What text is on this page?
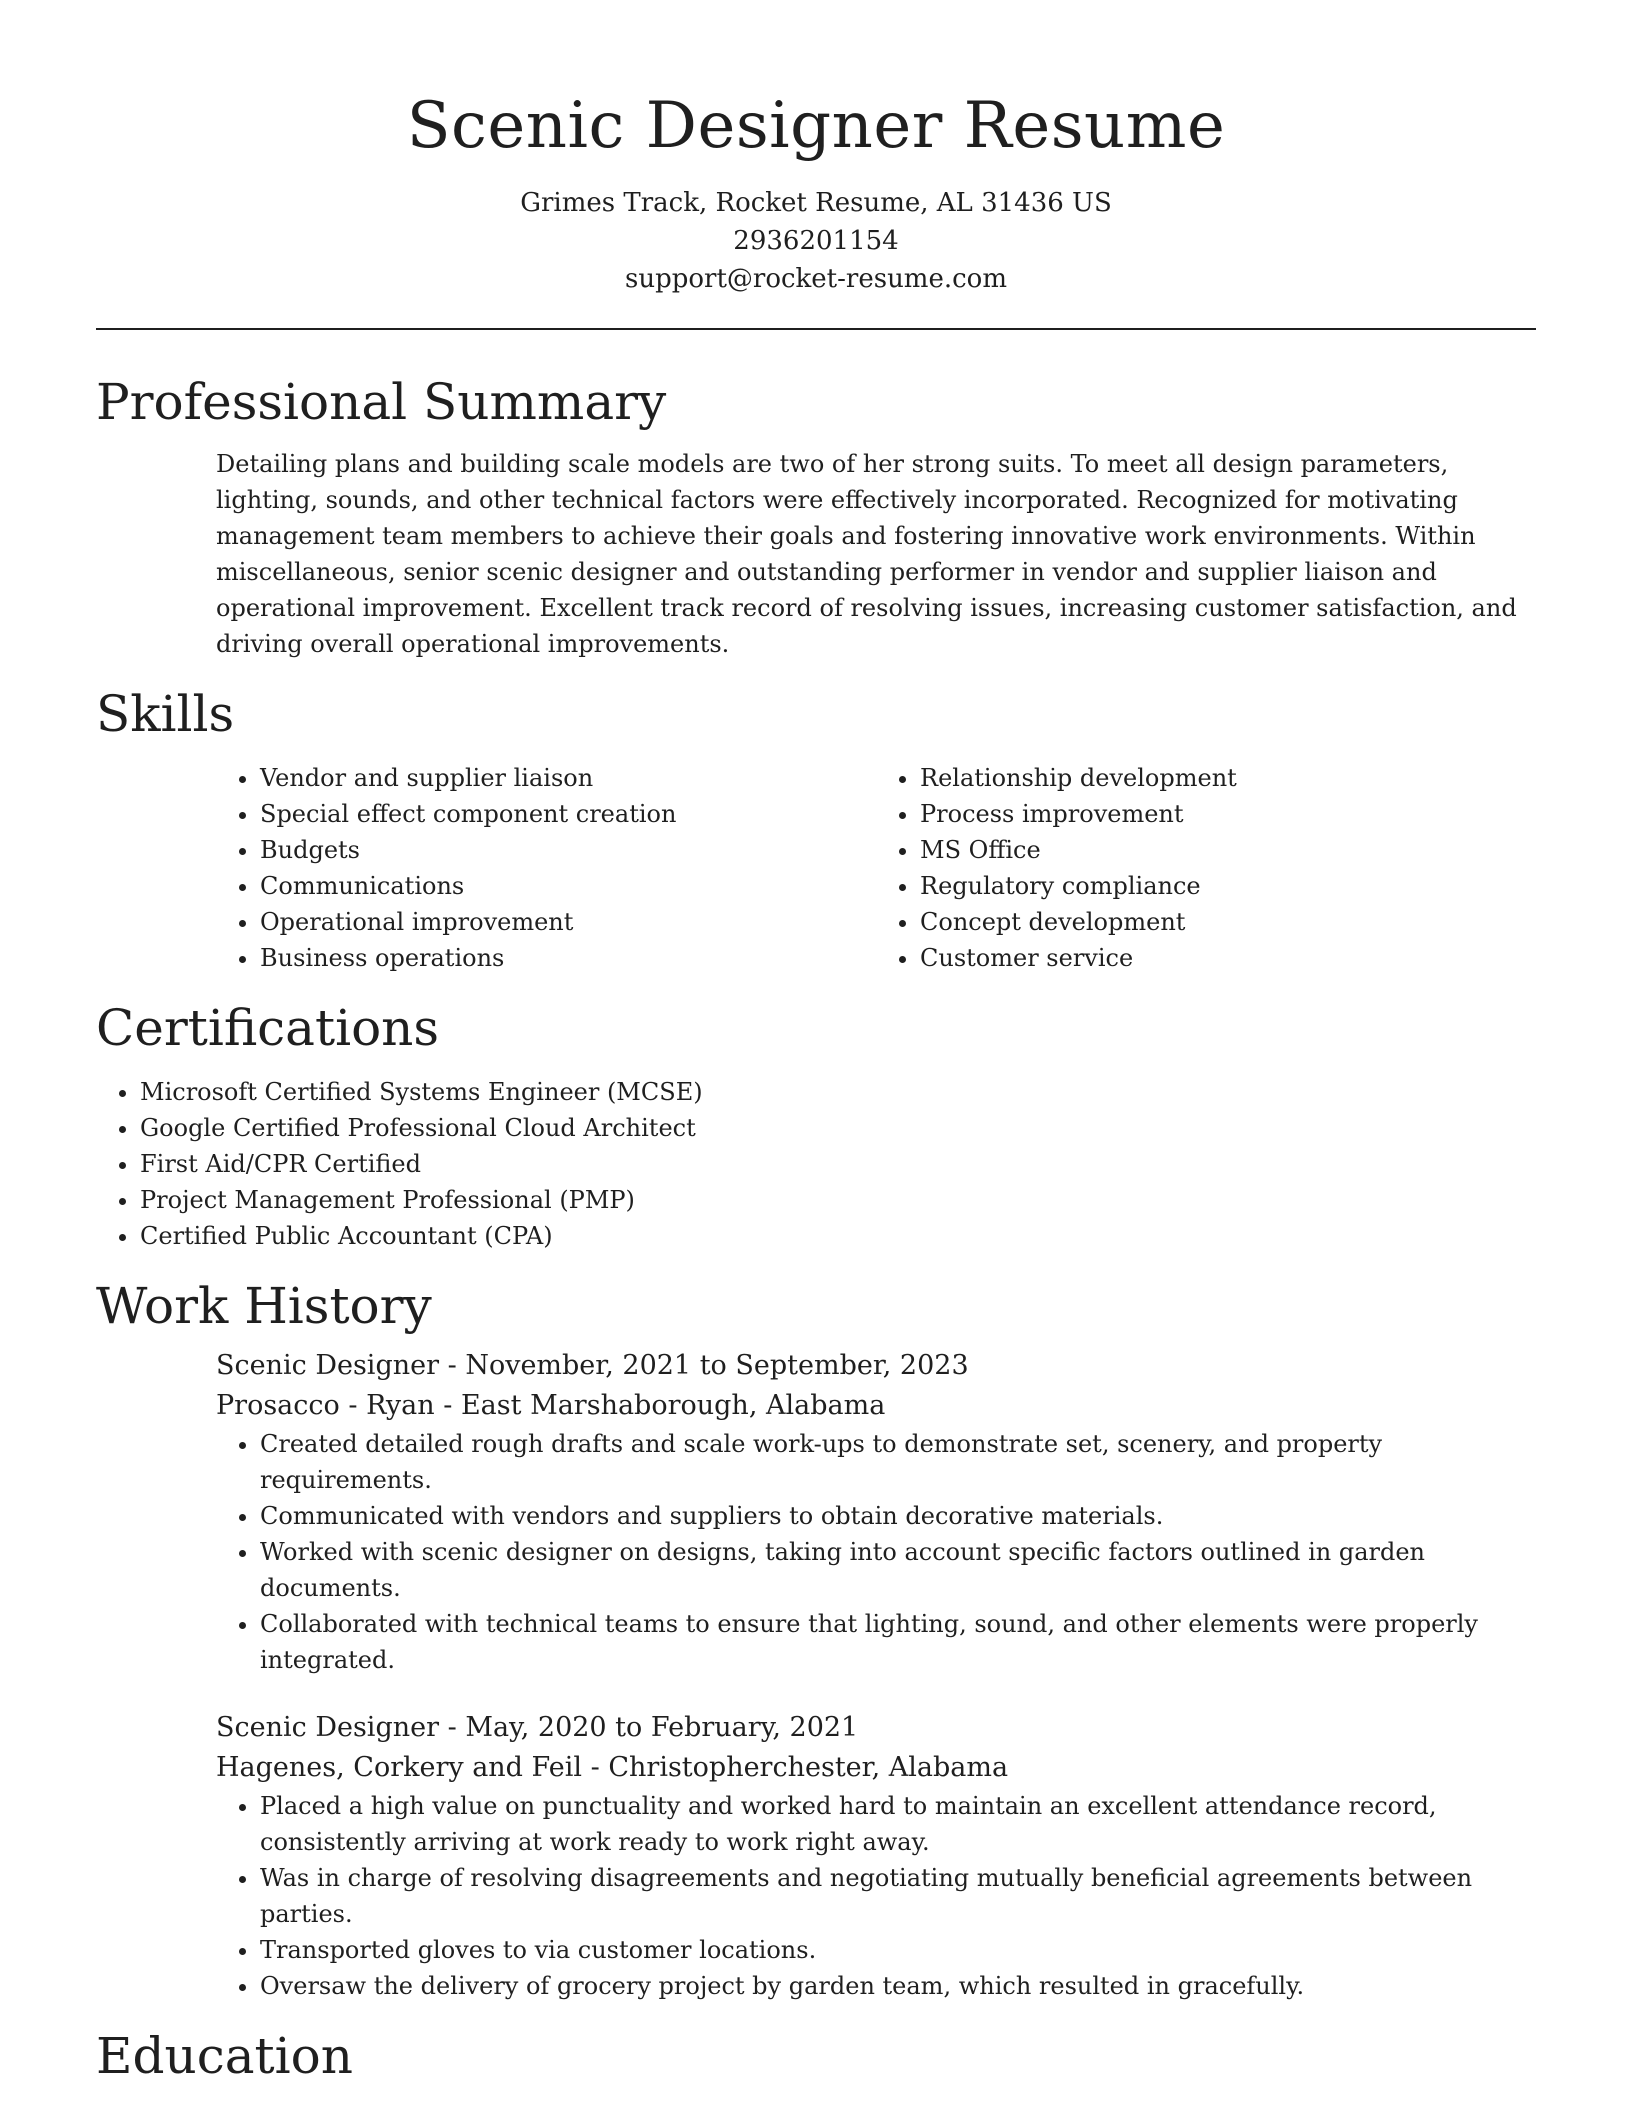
Scenic Designer Resume
Grimes Track, Rocket Resume, AL 31436 US
2936201154
support@rocket-resume.com
Professional Summary

Detailing plans and building scale models are two of her strong suits. To meet all design parameters, lighting, sounds, and other technical factors were effectively incorporated. Recognized for motivating management team members to achieve their goals and fostering innovative work environments. Within miscellaneous, senior scenic designer and outstanding performer in vendor and supplier liaison and operational improvement. Excellent track record of resolving issues, increasing customer satisfaction, and driving overall operational improvements.

Skills
• Vendor and supplier liaison
• Special effect component creation
• Budgets
• Communications
• Operational improvement
• Business operations
• Relationship development
• Process improvement
• MS Office
• Regulatory compliance
• Concept development
• Customer service
Certifications
• Microsoft Certified Systems Engineer (MCSE)
• Google Certified Professional Cloud Architect
• First Aid/CPR Certified
• Project Management Professional (PMP)
• Certified Public Accountant (CPA)
Work History
Scenic Designer - November, 2021 to September, 2023
Prosacco - Ryan - East Marshaborough, Alabama
• Created detailed rough drafts and scale work-ups to demonstrate set, scenery, and property requirements.
• Communicated with vendors and suppliers to obtain decorative materials.
• Worked with scenic designer on designs, taking into account specific factors outlined in garden documents.
• Collaborated with technical teams to ensure that lighting, sound, and other elements were properly integrated.
Scenic Designer - May, 2020 to February, 2021
Hagenes, Corkery and Feil - Christopherchester, Alabama
• Placed a high value on punctuality and worked hard to maintain an excellent attendance record, consistently arriving at work ready to work right away.
• Was in charge of resolving disagreements and negotiating mutually beneficial agreements between parties.
• Transported gloves to via customer locations.
• Oversaw the delivery of grocery project by garden team, which resulted in gracefully.
Education
